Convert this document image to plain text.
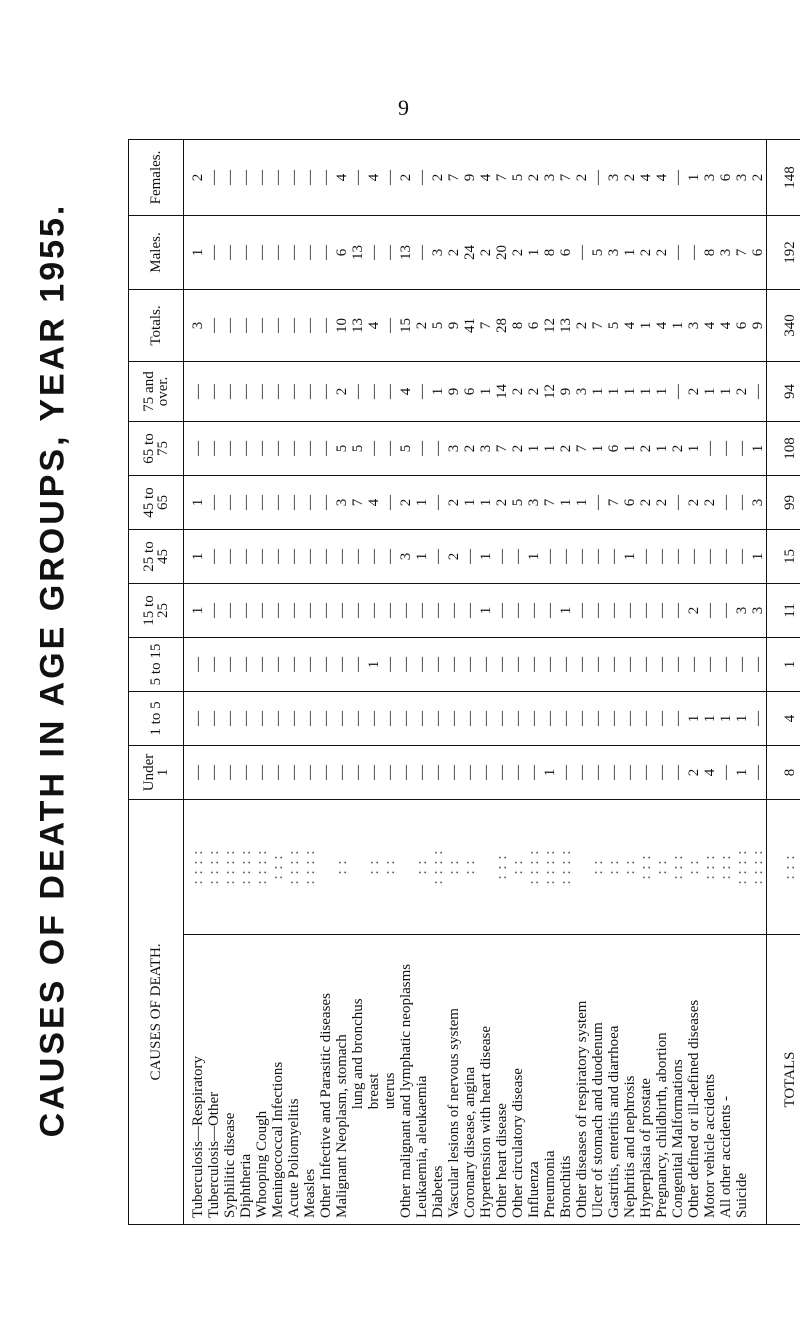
9
CAUSES OF DEATH IN AGE GROUPS, YEAR 1955.	CAUSES OF DEATH.		Under 1	1 to 5	5 to 15	15 to 25	25 to 45	45 to 65	65 to 75	75 and over.	Totals.	Males.	Females.
Tuberculosis—Respiratory	: : : :	—	—	—	1	1	1	—	—	3	1	2
Tuberculosis—Other	: : : :	—	—	—	—	—	—	—	—	—	—	—
Syphilitic disease	: : : :	—	—	—	—	—	—	—	—	—	—	—
Diphtheria	: : : :	—	—	—	—	—	—	—	—	—	—	—
Whooping Cough	: : : :	—	—	—	—	—	—	—	—	—	—	—
Meningococcal Infections	: : :	—	—	—	—	—	—	—	—	—	—	—
Acute Poliomyelitis	: : : :	—	—	—	—	—	—	—	—	—	—	—
Measles	: : : :	—	—	—	—	—	—	—	—	—	—	—
Other Infective and Parasitic diseases		—	—	—	—	—	—	—	—	—	—	—
Malignant Neoplasm, stomach	: :	—	—	—	—	—	3	5	2	10	6	4
lung and bronchus		—	—	—	—	—	7	5	—	13	13	—
breast	: :	—	—	1	—	—	4	—	—	4	—	4
uterus	: :	—	—	—	—	—	—	—	—	—	—	—
Other malignant and lymphatic neoplasms		—	—	—	—	3	2	5	4	15	13	2
Leukaemia, aleukaemia	: :	—	—	—	—	1	1	—	—	2	—	—
Diabetes	: : : :	—	—	—	—	—	—	—	1	5	3	2
Vascular lesions of nervous system	: :	—	—	—	—	2	2	3	9	9	2	7
Coronary disease, angina	: :	—	—	—	—	—	1	2	6	41	24	9
Hypertension with heart disease		—	—	—	1	1	1	3	1	7	2	4
Other heart disease	: : :	—	—	—	—	—	2	7	14	28	20	7
Other circulatory disease	: :	—	—	—	—	—	5	2	2	8	2	5
Influenza	: : : :	—	—	—	—	1	3	1	2	6	1	2
Pneumonia	: : : :	1	—	—	—	—	7	1	12	12	8	3
Bronchitis	: : : :	—	—	—	1	—	1	2	9	13	6	7
Other diseases of respiratory system		—	—	—	—	—	1	7	3	2	—	2
Ulcer of stomach and duodenum	: :	—	—	—	—	—	—	1	1	7	5	—
Gastritis, enteritis and diarrhoea	: :	—	—	—	—	—	7	6	1	5	3	3
Nephritis and nephrosis	: :	—	—	—	—	1	6	1	1	4	1	2
Hyperplasia of prostate	: : :	—	—	—	—	—	2	2	1	1	2	4
Pregnancy, childbirth, abortion	: :	—	—	—	—	—	2	1	1	4	2	4
Congenital Malformations	: : :	—	—	—	—	—	—	2	—	1	—	—
Other defined or ill-defined diseases	: :	2	1	—	2	—	2	1	2	3	—	1
Motor vehicle accidents	: : :	4	1	—	—	—	2	—	1	4	8	3
All other accidents -	: : :	—	1	—	—	—	—	—	1	4	3	6
Suicide	: : : :	1	1	—	3	—	—	—	2	6	7	3
	: : : :	—	—	—	3	1	3	1	—	9	6	2
TOTALS	: : :	8	4	1	11	15	99	108	94	340	192	148
